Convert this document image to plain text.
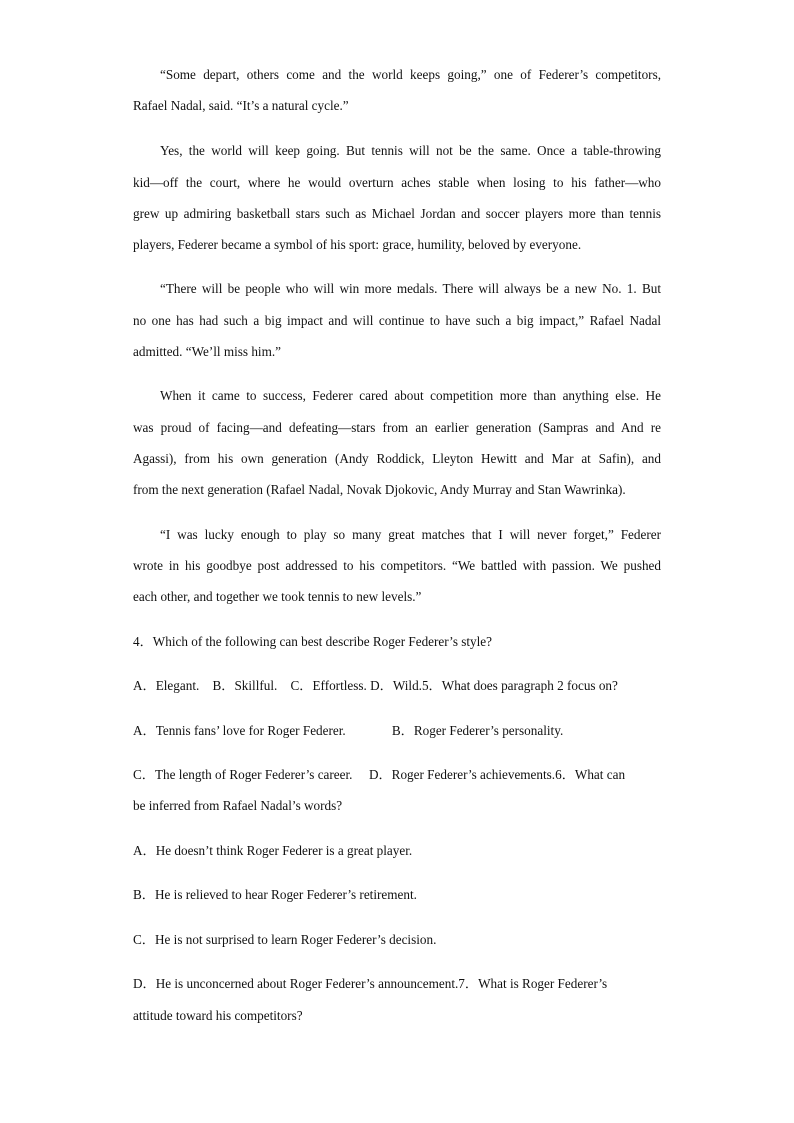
“Some depart, others come and the world keeps going,” one of Federer’s competitors,
Rafael Nadal, said. “It’s a natural cycle.”
Yes, the world will keep going. But tennis will not be the same. Once a table-throwing
kid—off the court, where he would overturn aches stable when losing to his father—who
grew up admiring basketball stars such as Michael Jordan and soccer players more than tennis
players, Federer became a symbol of his sport: grace, humility, beloved by everyone.
“There will be people who will win more medals. There will always be a new No. 1. But
no one has had such a big impact and will continue to have such a big impact,” Rafael Nadal
admitted. “We’ll miss him.”
When it came to success, Federer cared about competition more than anything else. He
was proud of facing—and defeating—stars from an earlier generation (Sampras and And re
Agassi), from his own generation (Andy Roddick, Lleyton Hewitt and Mar at Safin), and
from the next generation (Rafael Nadal, Novak Djokovic, Andy Murray and Stan Wawrinka).
“I was lucky enough to play so many great matches that I will never forget,” Federer
wrote in his goodbye post addressed to his competitors. “We battled with passion. We pushed
each other, and together we took tennis to new levels.”
4．Which of the following can best describe Roger Federer’s style?
A．Elegant.    B．Skillful.    C．Effortless. D．Wild.5．What does paragraph 2 focus on?
A．Tennis fans’ love for Roger Federer.              B．Roger Federer’s personality.
C．The length of Roger Federer’s career.     D．Roger Federer’s achievements.6．What can
be inferred from Rafael Nadal’s words?
A．He doesn’t think Roger Federer is a great player.
B．He is relieved to hear Roger Federer’s retirement.
C．He is not surprised to learn Roger Federer’s decision.
D．He is unconcerned about Roger Federer’s announcement.7．What is Roger Federer’s
attitude toward his competitors?
